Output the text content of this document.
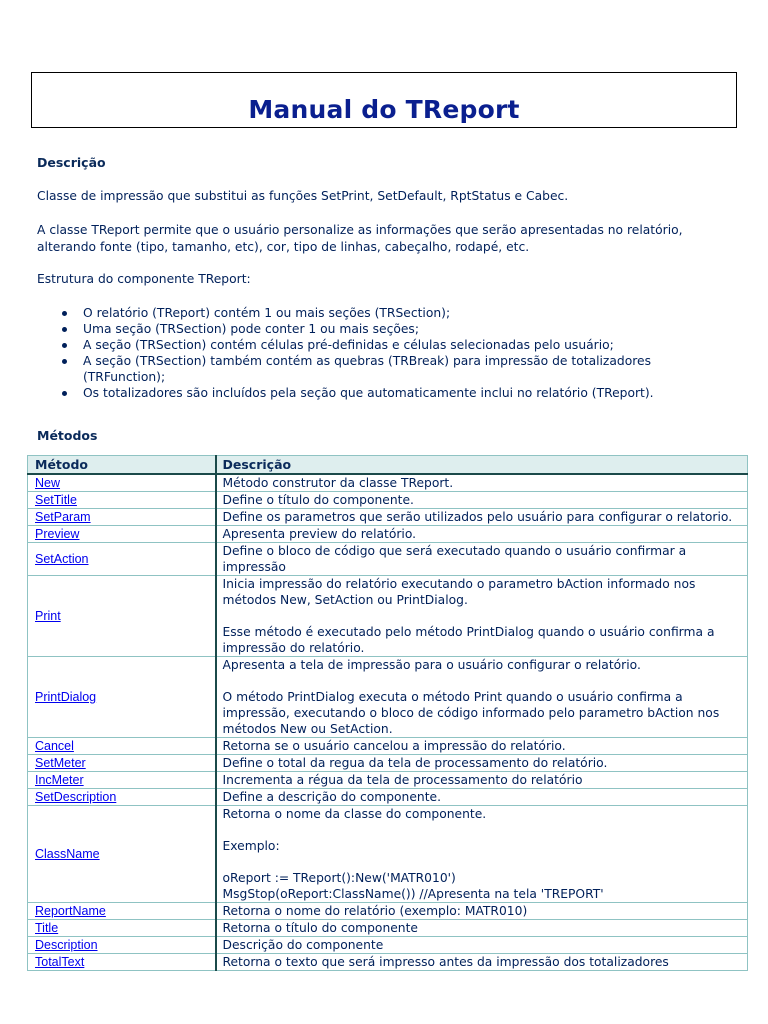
Manual do TReport
Descrição
Classe de impressão que substitui as funções SetPrint, SetDefault, RptStatus e Cabec.
A classe TReport permite que o usuário personalize as informações que serão apresentadas no relatório, alterando fonte (tipo, tamanho, etc), cor, tipo de linhas, cabeçalho, rodapé, etc.
Estrutura do componente TReport:
O relatório (TReport) contém 1 ou mais seções (TRSection);
Uma seção (TRSection) pode conter 1 ou mais seções;
A seção (TRSection) contém células pré-definidas e células selecionadas pelo usuário;
A seção (TRSection) também contém as quebras (TRBreak) para impressão de totalizadores (TRFunction);
Os totalizadores são incluídos pela seção que automaticamente inclui no relatório (TReport).
Métodos
Método	Descrição
New	Método construtor da classe TReport.

SetTitle	Define o título do componente.

SetParam	Define os parametros que serão utilizados pelo usuário para configurar o relatorio.

Preview	Apresenta preview do relatório.

SetAction	Define o bloco de código que será executado quando o usuário confirmar a impressão

Print	Inicia impressão do relatório executando o parametro bAction informado nos métodos New, SetAction ou PrintDialog.
Esse método é executado pelo método PrintDialog quando o usuário confirma a impressão do relatório.

PrintDialog	Apresenta a tela de impressão para o usuário configurar o relatório.
O método PrintDialog executa o método Print quando o usuário confirma a impressão, executando o bloco de código informado pelo parametro bAction nos métodos New ou SetAction.

Cancel	Retorna se o usuário cancelou a impressão do relatório.

SetMeter	Define o total da regua da tela de processamento do relatório.

IncMeter	Incrementa a régua da tela de processamento do relatório

SetDescription	Define a descrição do componente.

ClassName	Retorna o nome da classe do componente.
Exemplo:
oReport := TReport():New('MATR010')
MsgStop(oReport:ClassName()) //Apresenta na tela 'TREPORT'

ReportName	Retorna o nome do relatório (exemplo: MATR010)

Title	Retorna o título do componente

Description	Descrição do componente

TotalText	Retorna o texto que será impresso antes da impressão dos totalizadores
